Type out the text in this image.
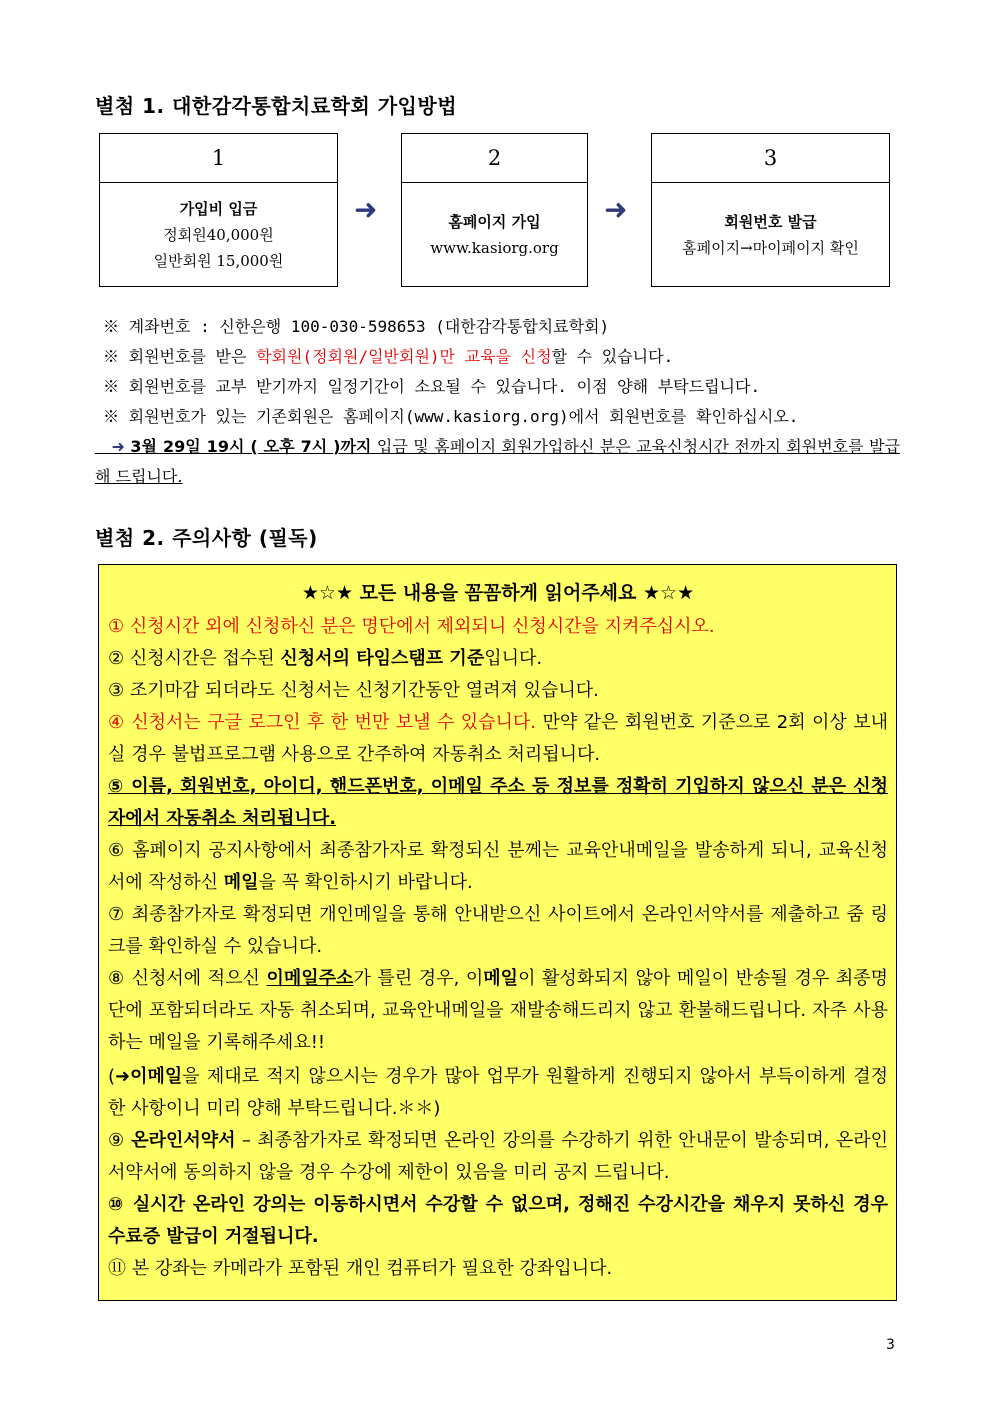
별첨 1. 대한감각통합치료학회 가입방법
1
가입비 입금
정회원40,000원
일반회원 15,000원
➜
2
홈페이지 가입
www.kasiorg.org
➜
3
회원번호 발급
홈페이지→마이페이지 확인
※ 계좌번호 : 신한은행 100-030-598653 (대한감각통합치료학회)
※ 회원번호를 받은 학회원(정회원/일반회원)만 교육을 신청할 수 있습니다.
※ 회원번호를 교부 받기까지 일정기간이 소요될 수 있습니다. 이점 양해 부탁드립니다.
※ 회원번호가 있는 기존회원은 홈페이지(www.kasiorg.org)에서 회원번호를 확인하십시오.
➜ 3월 29일 19시 ( 오후 7시 )까지 입금 및 홈페이지 회원가입하신 분은 교육신청시간 전까지 회원번호를 발급해 드립니다.
별첨 2. 주의사항 (필독)
★☆★ 모든 내용을 꼼꼼하게 읽어주세요 ★☆★

① 신청시간 외에 신청하신 분은 명단에서 제외되니 신청시간을 지켜주십시오.

② 신청시간은 접수된 신청서의 타임스탬프 기준입니다.

③ 조기마감 되더라도 신청서는 신청기간동안 열려져 있습니다.

④ 신청서는 구글 로그인 후 한 번만 보낼 수 있습니다. 만약 같은 회원번호 기준으로 2회 이상 보내실 경우 불법프로그램 사용으로 간주하여 자동취소 처리됩니다.

⑤ 이름, 회원번호, 아이디, 핸드폰번호, 이메일 주소 등 정보를 정확히 기입하지 않으신 분은 신청자에서 자동취소 처리됩니다.

⑥ 홈페이지 공지사항에서 최종참가자로 확정되신 분께는 교육안내메일을 발송하게 되니, 교육신청서에 작성하신 메일을 꼭 확인하시기 바랍니다.

⑦ 최종참가자로 확정되면 개인메일을 통해 안내받으신 사이트에서 온라인서약서를 제출하고 줌 링크를 확인하실 수 있습니다.

⑧ 신청서에 적으신 이메일주소가 틀린 경우, 이메일이 활성화되지 않아 메일이 반송될 경우 최종명단에 포함되더라도 자동 취소되며, 교육안내메일을 재발송해드리지 않고 환불해드립니다. 자주 사용하는 메일을 기록해주세요!!

(➜이메일을 제대로 적지 않으시는 경우가 많아 업무가 원활하게 진행되지 않아서 부득이하게 결정한 사항이니 미리 양해 부탁드립니다.＊＊)

⑨ 온라인서약서 – 최종참가자로 확정되면 온라인 강의를 수강하기 위한 안내문이 발송되며, 온라인 서약서에 동의하지 않을 경우 수강에 제한이 있음을 미리 공지 드립니다.

⑩ 실시간 온라인 강의는 이동하시면서 수강할 수 없으며, 정해진 수강시간을 채우지 못하신 경우 수료증 발급이 거절됩니다.

⑪ 본 강좌는 카메라가 포함된 개인 컴퓨터가 필요한 강좌입니다.

3
